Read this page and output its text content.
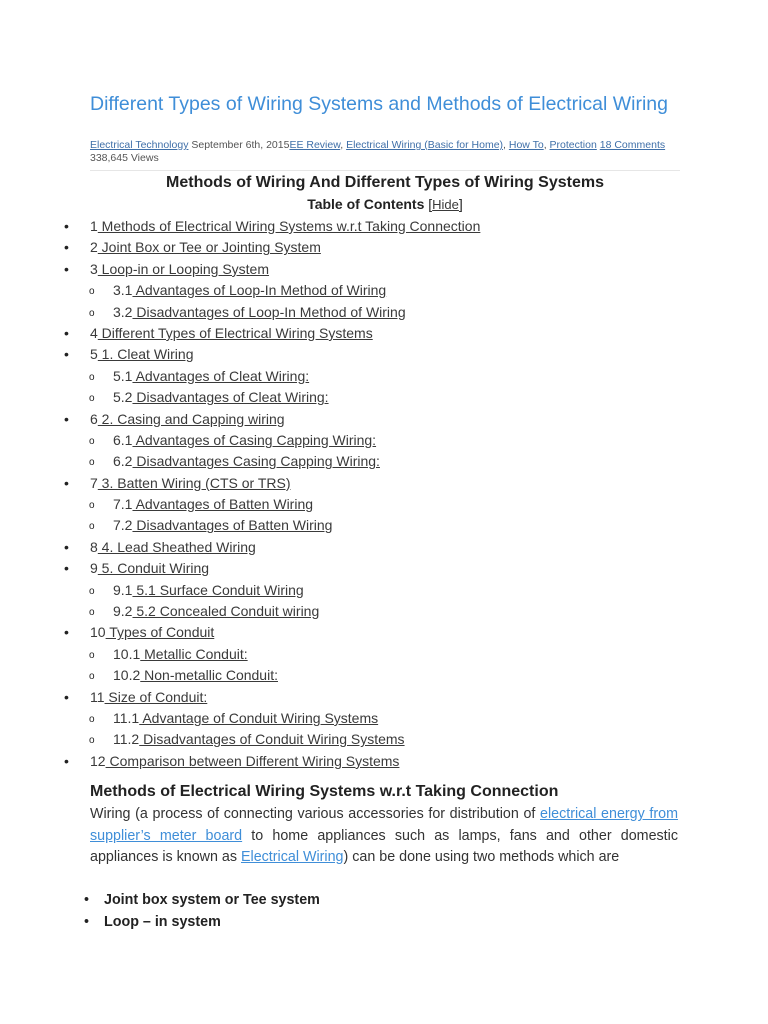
Different Types of Wiring Systems and Methods of Electrical Wiring
Electrical Technology September 6th, 2015EE Review, Electrical Wiring (Basic for Home), How To, Protection 18 Comments 338,645 Views
Methods of Wiring And Different Types of Wiring Systems
Table of Contents [Hide]
• 1 Methods of Electrical Wiring Systems w.r.t Taking Connection
• 2 Joint Box or Tee or Jointing System
• 3 Loop-in or Looping System
o 3.1 Advantages of Loop-In Method of Wiring
o 3.2 Disadvantages of Loop-In Method of Wiring
• 4 Different Types of Electrical Wiring Systems
• 5 1. Cleat Wiring
o 5.1 Advantages of Cleat Wiring:
o 5.2 Disadvantages of Cleat Wiring:
• 6 2. Casing and Capping wiring
o 6.1 Advantages of Casing Capping Wiring:
o 6.2 Disadvantages Casing Capping Wiring:
• 7 3. Batten Wiring (CTS or TRS)
o 7.1 Advantages of Batten Wiring
o 7.2 Disadvantages of Batten Wiring
• 8 4. Lead Sheathed Wiring
• 9 5. Conduit Wiring
o 9.1 5.1 Surface Conduit Wiring
o 9.2 5.2 Concealed Conduit wiring
• 10 Types of Conduit
o 10.1 Metallic Conduit:
o 10.2 Non-metallic Conduit:
• 11 Size of Conduit:
o 11.1 Advantage of Conduit Wiring Systems
o 11.2 Disadvantages of Conduit Wiring Systems
• 12 Comparison between Different Wiring Systems
Methods of Electrical Wiring Systems w.r.t Taking Connection

Wiring (a process of connecting various accessories for distribution of electrical energy from supplier’s meter board to home appliances such as lamps, fans and other domestic appliances is known as Electrical Wiring) can be done using two methods which are

• Joint box system or Tee system
• Loop – in system
